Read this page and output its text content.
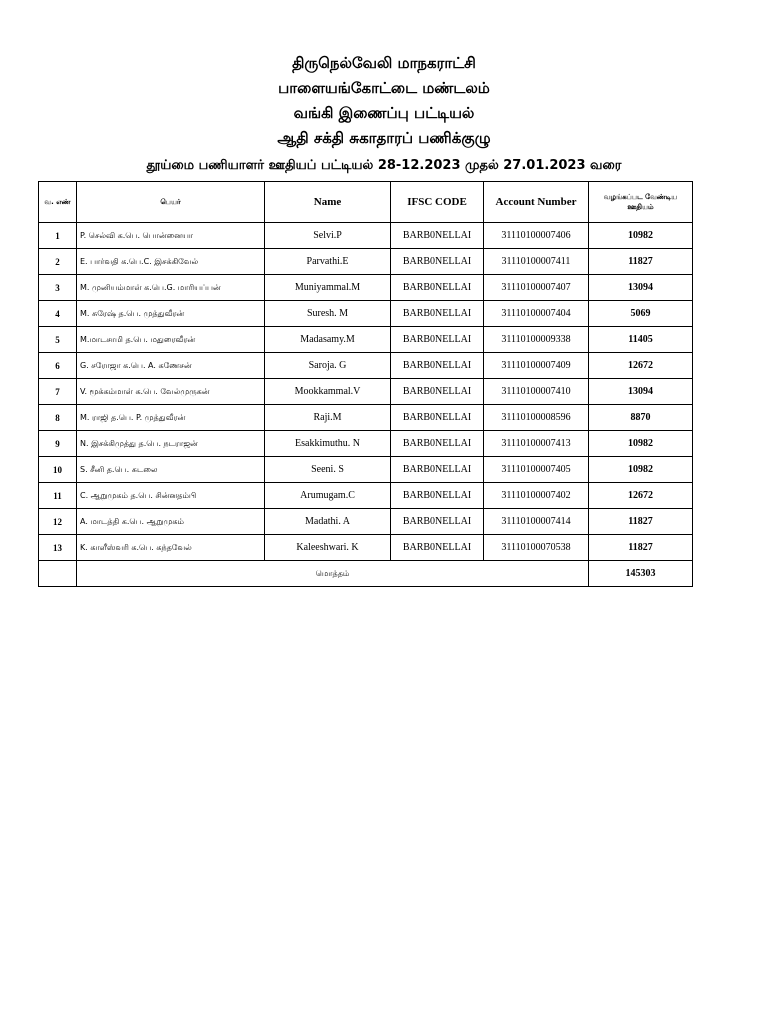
திருநெல்வேலி மாநகராட்சி
பாளையங்கோட்டை மண்டலம்
வங்கி இணைப்பு பட்டியல்
ஆதி சக்தி சுகாதாரப் பணிக்குழு
தூய்மை பணியாளர் ஊதியப் பட்டியல் 28-12.2023 முதல் 27.01.2023 வரை
வ. எண்	பெயர்	Name	IFSC CODE	Account Number	வழங்கப்பட வேண்டிய ஊதியம்
1	P. செல்வி க.பெ. பொன்னையா	Selvi.P	BARB0NELLAI	31110100007406	10982
2	E. பார்வதி க.பெ.C. இசக்கிவேல்	Parvathi.E	BARB0NELLAI	31110100007411	11827
3	M. முனியம்மாள் க.பெ.G. மாரியப்பன்	Muniyammal.M	BARB0NELLAI	31110100007407	13094
4	M. சுரேஷ் த.பெ. முத்துவீரன்	Suresh. M	BARB0NELLAI	31110100007404	5069
5	M.மாடசாமி த.பெ. மதுரைவீரன்	Madasamy.M	BARB0NELLAI	31110100009338	11405
6	G. சரோஜா க.பெ. A. கணேசன்	Saroja. G	BARB0NELLAI	31110100007409	12672
7	V. மூக்கம்மாள் க.பெ. வேல்முருகன்	Mookkammal.V	BARB0NELLAI	31110100007410	13094
8	M. ராஜி த.பெ. P. முத்துவீரன்	Raji.M	BARB0NELLAI	31110100008596	8870
9	N. இசக்கிமுத்து த.பெ. நடராஜன்	Esakkimuthu. N	BARB0NELLAI	31110100007413	10982
10	S. சீனி த.பெ. சுடலை	Seeni. S	BARB0NELLAI	31110100007405	10982
11	C. ஆறுமுகம் த.பெ. சின்னதம்பி	Arumugam.C	BARB0NELLAI	31110100007402	12672
12	A. மாடத்தி க.பெ. ஆறுமுகம்	Madathi. A	BARB0NELLAI	31110100007414	11827
13	K. காளீஸ்வரி க.பெ. கந்தவேல்	Kaleeshwari. K	BARB0NELLAI	31110100070538	11827
	மொத்தம்				145303
